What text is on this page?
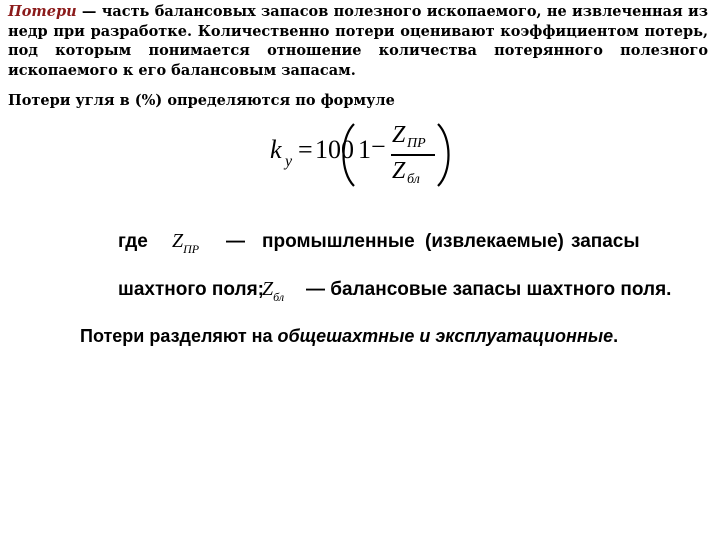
Потери — часть балансовых запасов полезного ископаемого, не извлеченная из недр при разработке. Количественно потери оценивают коэффициентом потерь, под которым понимается отношение количества потерянного полезного ископаемого к его балансовым запасам.
Потери угля в (%) определяются по формуле
k у = 100 1 − Z ПР
Z бл
где $Z_{ПР}$ — промышленные (извлекаемые) запасы
шахтного поля;
$Z_{бл}$ — балансовые запасы шахтного поля.
Потери разделяют на общешахтные и эксплуатационные.
